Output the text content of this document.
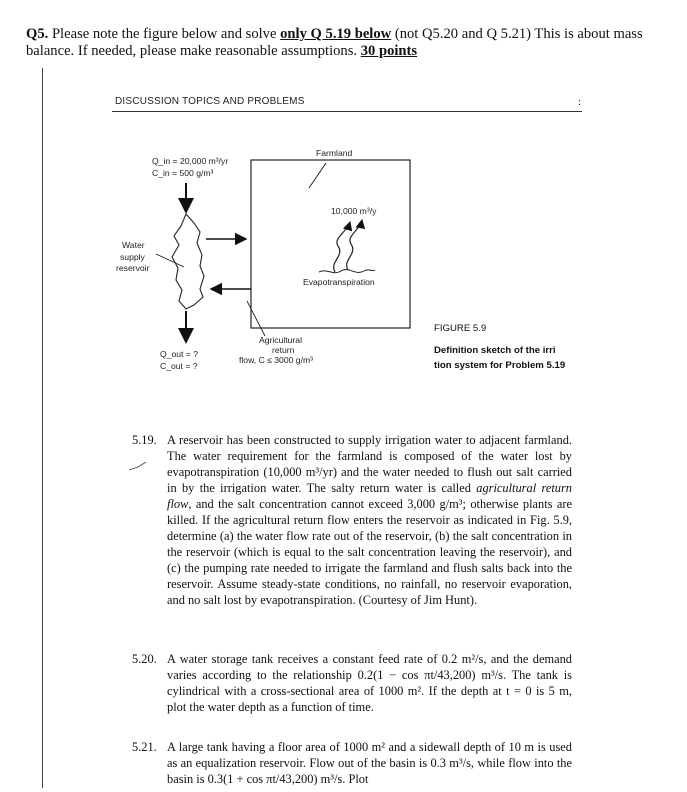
Q5. Please note the figure below and solve only Q 5.19 below (not Q5.20 and Q 5.21) This is about mass balance. If needed, please make reasonable assumptions. 30 points
DISCUSSION TOPICS AND PROBLEMS	:
Q_in = 20,000 m³/yr
C_in = 500 g/m³
Farmland
10,000 m³/y
Evapotranspiration
Water
supply
reservoir
Agricultural
return
flow, C ≤ 3000 g/m³
Q_out = ?
C_out = ?
FIGURE 5.9
Definition sketch of the irri
tion system for Problem 5.19
5.19. A reservoir has been constructed to supply irrigation water to adjacent farmland. The water requirement for the farmland is composed of the water lost by evapotranspiration (10,000 m³/yr) and the water needed to flush out salt carried in by the irrigation water. The salty return water is called agricultural return flow, and the salt concentration cannot exceed 3,000 g/m³; otherwise plants are killed. If the agricultural return flow enters the reservoir as indicated in Fig. 5.9, determine (a) the water flow rate out of the reservoir, (b) the salt concentration in the reservoir (which is equal to the salt concentration leaving the reservoir), and (c) the pumping rate needed to irrigate the farmland and flush salts back into the reservoir. Assume steady-state conditions, no rainfall, no reservoir evaporation, and no salt lost by evapotranspiration. (Courtesy of Jim Hunt).
5.20. A water storage tank receives a constant feed rate of 0.2 m²/s, and the demand varies according to the relationship 0.2(1 − cos πt/43,200) m³/s. The tank is cylindrical with a cross-sectional area of 1000 m². If the depth at t = 0 is 5 m, plot the water depth as a function of time.
5.21. A large tank having a floor area of 1000 m² and a sidewall depth of 10 m is used as an equalization reservoir. Flow out of the basin is 0.3 m³/s, while flow into the basin is 0.3(1 + cos πt/43,200) m³/s. Plot
